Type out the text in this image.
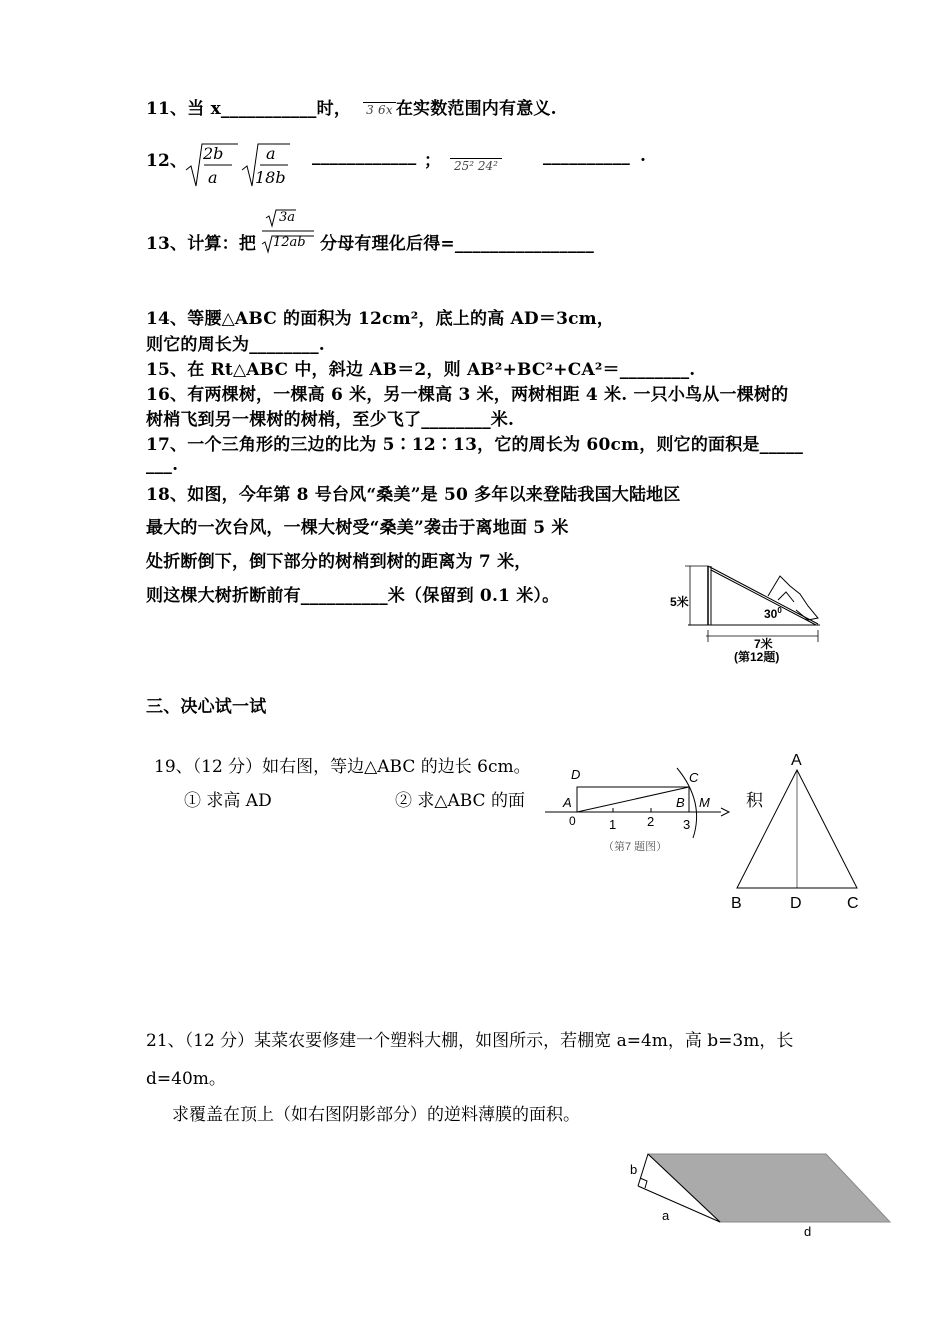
11、当 x___________时， 3 6x 在实数范围内有意义.
12、 2b
a
a
18b
____________ ；	25² 24²	__________ .
13、计算：把
3a
12ab 分母有理化后得=________________
14、等腰△ABC 的面积为 12cm²，底上的高 AD＝3cm，
则它的周长为________.
15、在 Rt△ABC 中，斜边 AB＝2，则 AB²+BC²+CA²＝________.
16、有两棵树，一棵高 6 米，另一棵高 3 米，两树相距 4 米. 一只小鸟从一棵树的
树梢飞到另一棵树的树梢，至少飞了________米.
17、一个三角形的三边的比为 5∶12∶13，它的周长为 60cm，则它的面积是_____
___.
18、如图，今年第 8 号台风“桑美”是 50 多年以来登陆我国大陆地区
最大的一次台风，一棵大树受“桑美”袭击于离地面 5 米
处折断倒下，倒下部分的树梢到树的距离为 7 米，
则这棵大树折断前有__________米（保留到 0.1 米）。	5米
$30^0$
7米
(第12题)
三、决心试一试
19、（12 分）如右图，等边△ABC 的边长 6cm。
① 求高 AD	② 求△ABC 的面	积
D	C
A	B M
0	1 2 3
（第7 题图）
A
B	D	C
21、（12 分）某菜农要修建一个塑料大棚，如图所示，若棚宽 a=4m，高 b=3m，长
d=40m。
求覆盖在顶上（如右图阴影部分）的逆料薄膜的面积。
b
a
d
